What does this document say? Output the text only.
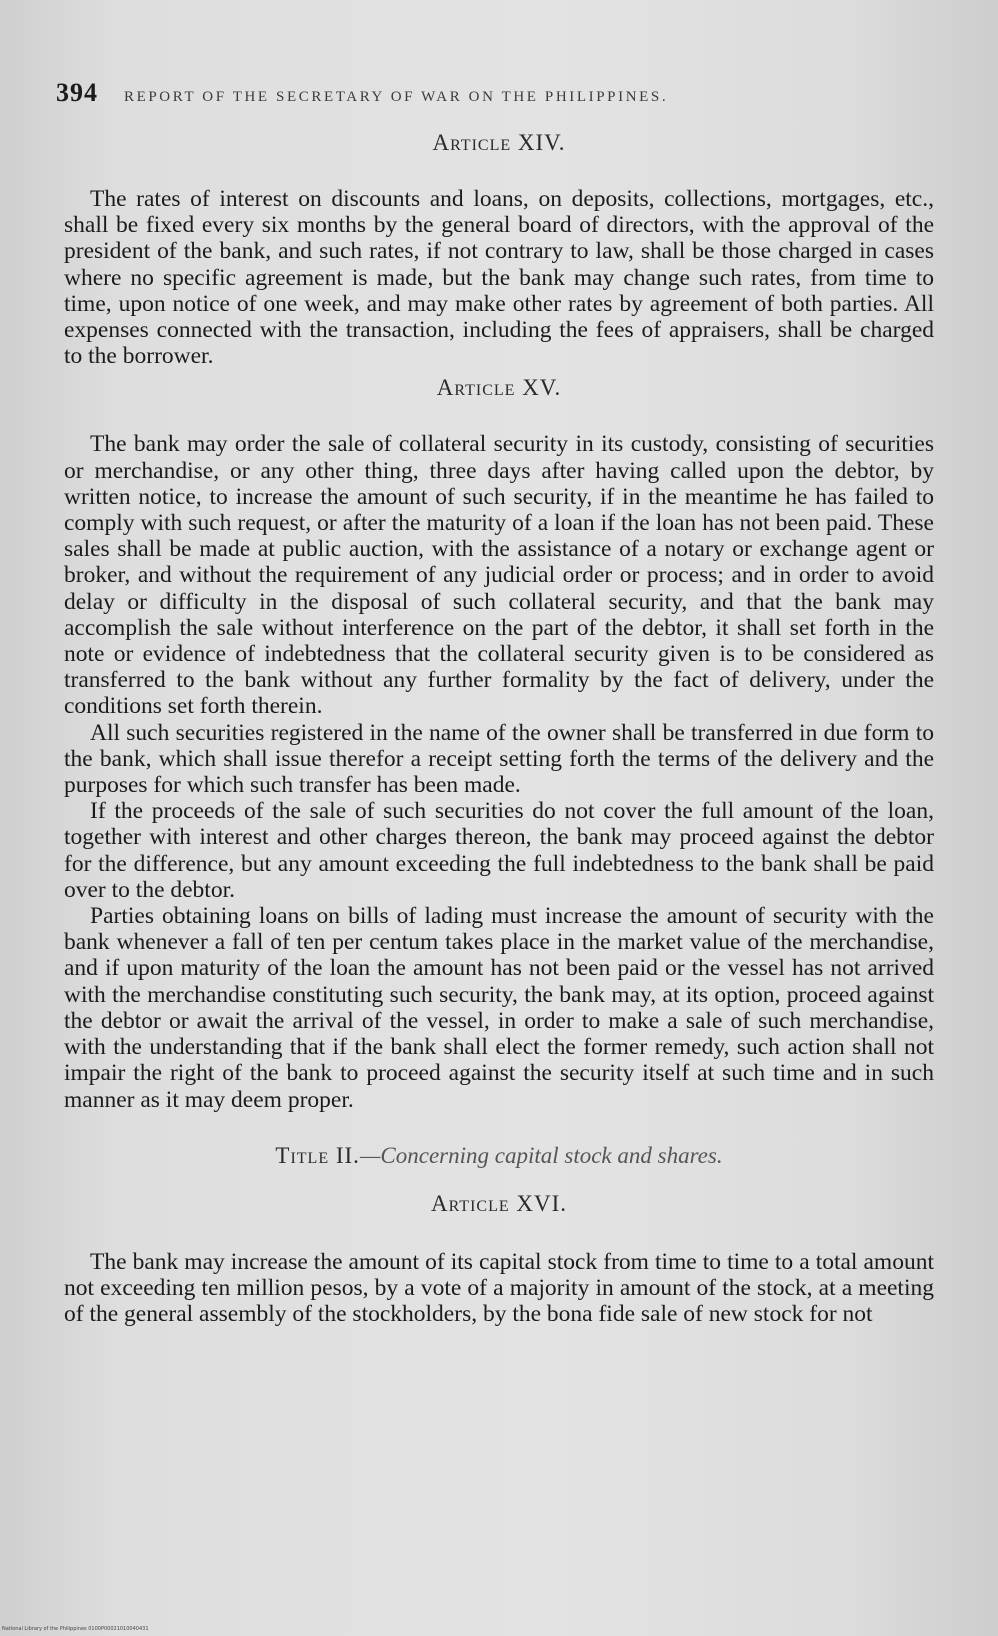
394 REPORT OF THE SECRETARY OF WAR ON THE PHILIPPINES.
Article XIV.

The rates of interest on discounts and loans, on deposits, collections, mortgages, etc., shall be fixed every six months by the general board of directors, with the approval of the president of the bank, and such rates, if not contrary to law, shall be those charged in cases where no specific agreement is made, but the bank may change such rates, from time to time, upon notice of one week, and may make other rates by agreement of both parties. All expenses connected with the transaction, including the fees of appraisers, shall be charged to the borrower.

Article XV.

The bank may order the sale of collateral security in its custody, consisting of securities or merchandise, or any other thing, three days after having called upon the debtor, by written notice, to increase the amount of such security, if in the meantime he has failed to comply with such request, or after the maturity of a loan if the loan has not been paid. These sales shall be made at public auction, with the assistance of a notary or exchange agent or broker, and without the requirement of any judicial order or process; and in order to avoid delay or difficulty in the disposal of such collateral security, and that the bank may accomplish the sale without interference on the part of the debtor, it shall set forth in the note or evidence of indebtedness that the collateral security given is to be considered as transferred to the bank without any further formality by the fact of delivery, under the conditions set forth therein.

All such securities registered in the name of the owner shall be transferred in due form to the bank, which shall issue therefor a receipt setting forth the terms of the delivery and the purposes for which such transfer has been made.

If the proceeds of the sale of such securities do not cover the full amount of the loan, together with interest and other charges thereon, the bank may proceed against the debtor for the difference, but any amount exceeding the full indebtedness to the bank shall be paid over to the debtor.

Parties obtaining loans on bills of lading must increase the amount of security with the bank whenever a fall of ten per centum takes place in the market value of the merchandise, and if upon maturity of the loan the amount has not been paid or the vessel has not arrived with the merchandise constituting such security, the bank may, at its option, proceed against the debtor or await the arrival of the vessel, in order to make a sale of such merchandise, with the understanding that if the bank shall elect the former remedy, such action shall not impair the right of the bank to proceed against the security itself at such time and in such manner as it may deem proper.

Title II.—Concerning capital stock and shares.
Article XVI.

The bank may increase the amount of its capital stock from time to time to a total amount not exceeding ten million pesos, by a vote of a majority in amount of the stock, at a meeting of the general assembly of the stockholders, by the bona fide sale of new stock for not

National Library of the Philippines 0100P00021010040431
